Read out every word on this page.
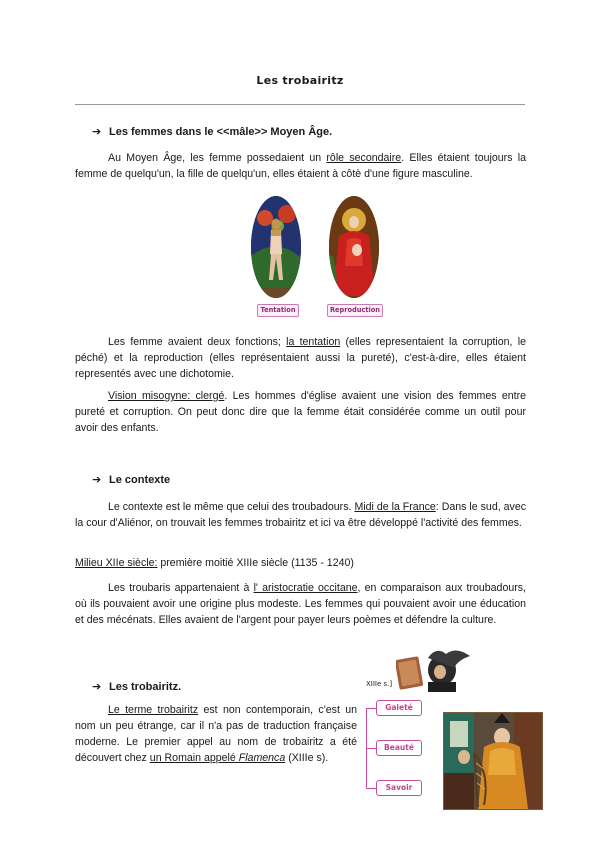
Les trobairitz
➔ Les femmes dans le <<mâle>> Moyen Âge.
Au Moyen Âge, les femme possedaient un rôle secondaire. Elles étaient toujours la femme de quelqu'un, la fille de quelqu'un, elles étaient à côtè d'une figure masculine.
Tentation	Reproduction
Les femme avaient deux fonctions; la tentation (elles representaient la corruption, le péché) et la reproduction (elles représentaient aussi la pureté), c'est-à-dire, elles étaient representés avec une dichotomie.
Vision misogyne: clergé. Les hommes d'église avaient une vision des femmes entre pureté et corruption. On peut donc dire que la femme était considérée comme un outil pour avoir des enfants.
➔ Le contexte
Le contexte est le même que celui des troubadours. Midi de la France: Dans le sud, avec la cour d'Aliénor, on trouvait les femmes trobairitz et ici va être développé l'activité des femmes.
Milieu XIIe siècle: première moitié XIIIe siècle (1135 - 1240)
Les troubaris appartenaient à l' aristocratie occitane, en comparaison aux troubadours, où ils pouvaient avoir une origine plus modeste. Les femmes qui pouvaient avoir une éducation et des mécénats. Elles avaient de l'argent pour payer leurs poèmes et défendre la culture.
➔ Les trobairitz.
Le terme trobairitz est non contemporain, c'est un nom un peu étrange, car il n'a pas de traduction française moderne. Le premier appel au nom de trobairitz a été découvert chez un Romain appelé Flamenca (XIIIe s).
XIIIe s.]
Gaieté
Beauté
Savoir
